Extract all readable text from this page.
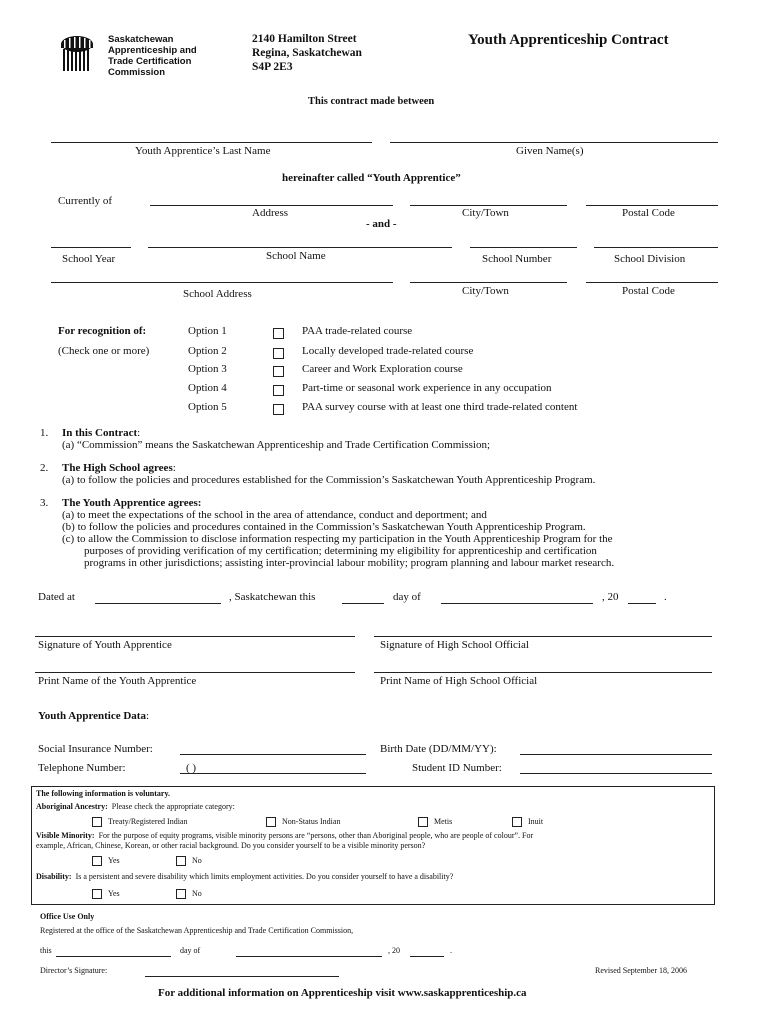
Saskatchewan
Apprenticeship and
Trade Certification
Commission
2140 Hamilton Street
Regina, Saskatchewan
S4P 2E3
Youth Apprenticeship Contract
This contract made between
Youth Apprentice’s Last Name	Given Name(s)
hereinafter called “Youth Apprentice”
Currently of
Address	City/Town	Postal Code
- and -
School Year	School Name	School Number	School Division
School Address	City/Town	Postal Code
For recognition of:
(Check one or more)
Option 1	PAA trade-related course
Option 2	Locally developed trade-related course
Option 3	Career and Work Exploration course
Option 4	Part-time or seasonal work experience in any occupation
Option 5	PAA survey course with at least one third trade-related content
1. In this Contract:
(a) “Commission” means the Saskatchewan Apprenticeship and Trade Certification Commission;
2. The High School agrees:
(a) to follow the policies and procedures established for the Commission’s Saskatchewan Youth Apprenticeship Program.
3. The Youth Apprentice agrees:
(a) to meet the expectations of the school in the area of attendance, conduct and deportment; and
(b) to follow the policies and procedures contained in the Commission’s Saskatchewan Youth Apprenticeship Program.
(c) to allow the Commission to disclose information respecting my participation in the Youth Apprenticeship Program for the
purposes of providing verification of my certification; determining my eligibility for apprenticeship and certification
programs in other jurisdictions; assisting inter-provincial labour mobility; program planning and labour market research.
Dated at	, Saskatchewan this	day of	, 20	.
Signature of Youth Apprentice	Signature of High School Official
Print Name of the Youth Apprentice	Print Name of High School Official
Youth Apprentice Data:
Social Insurance Number:	Birth Date (DD/MM/YY):
Telephone Number:	( )	Student ID Number:
The following information is voluntary.
Aboriginal Ancestry: Please check the appropriate category:
Treaty/Registered Indian	Non-Status Indian	Metis	Inuit
Visible Minority: For the purpose of equity programs, visible minority persons are “persons, other than Aboriginal people, who are people of colour”. For
example, African, Chinese, Korean, or other racial background. Do you consider yourself to be a visible minority person?
Yes	No
Disability: Is a persistent and severe disability which limits employment activities. Do you consider yourself to have a disability?
Yes	No
Office Use Only
Registered at the office of the Saskatchewan Apprenticeship and Trade Certification Commission,
this	day of	, 20	.
Director’s Signature:	Revised September 18, 2006
For additional information on Apprenticeship visit www.saskapprenticeship.ca
